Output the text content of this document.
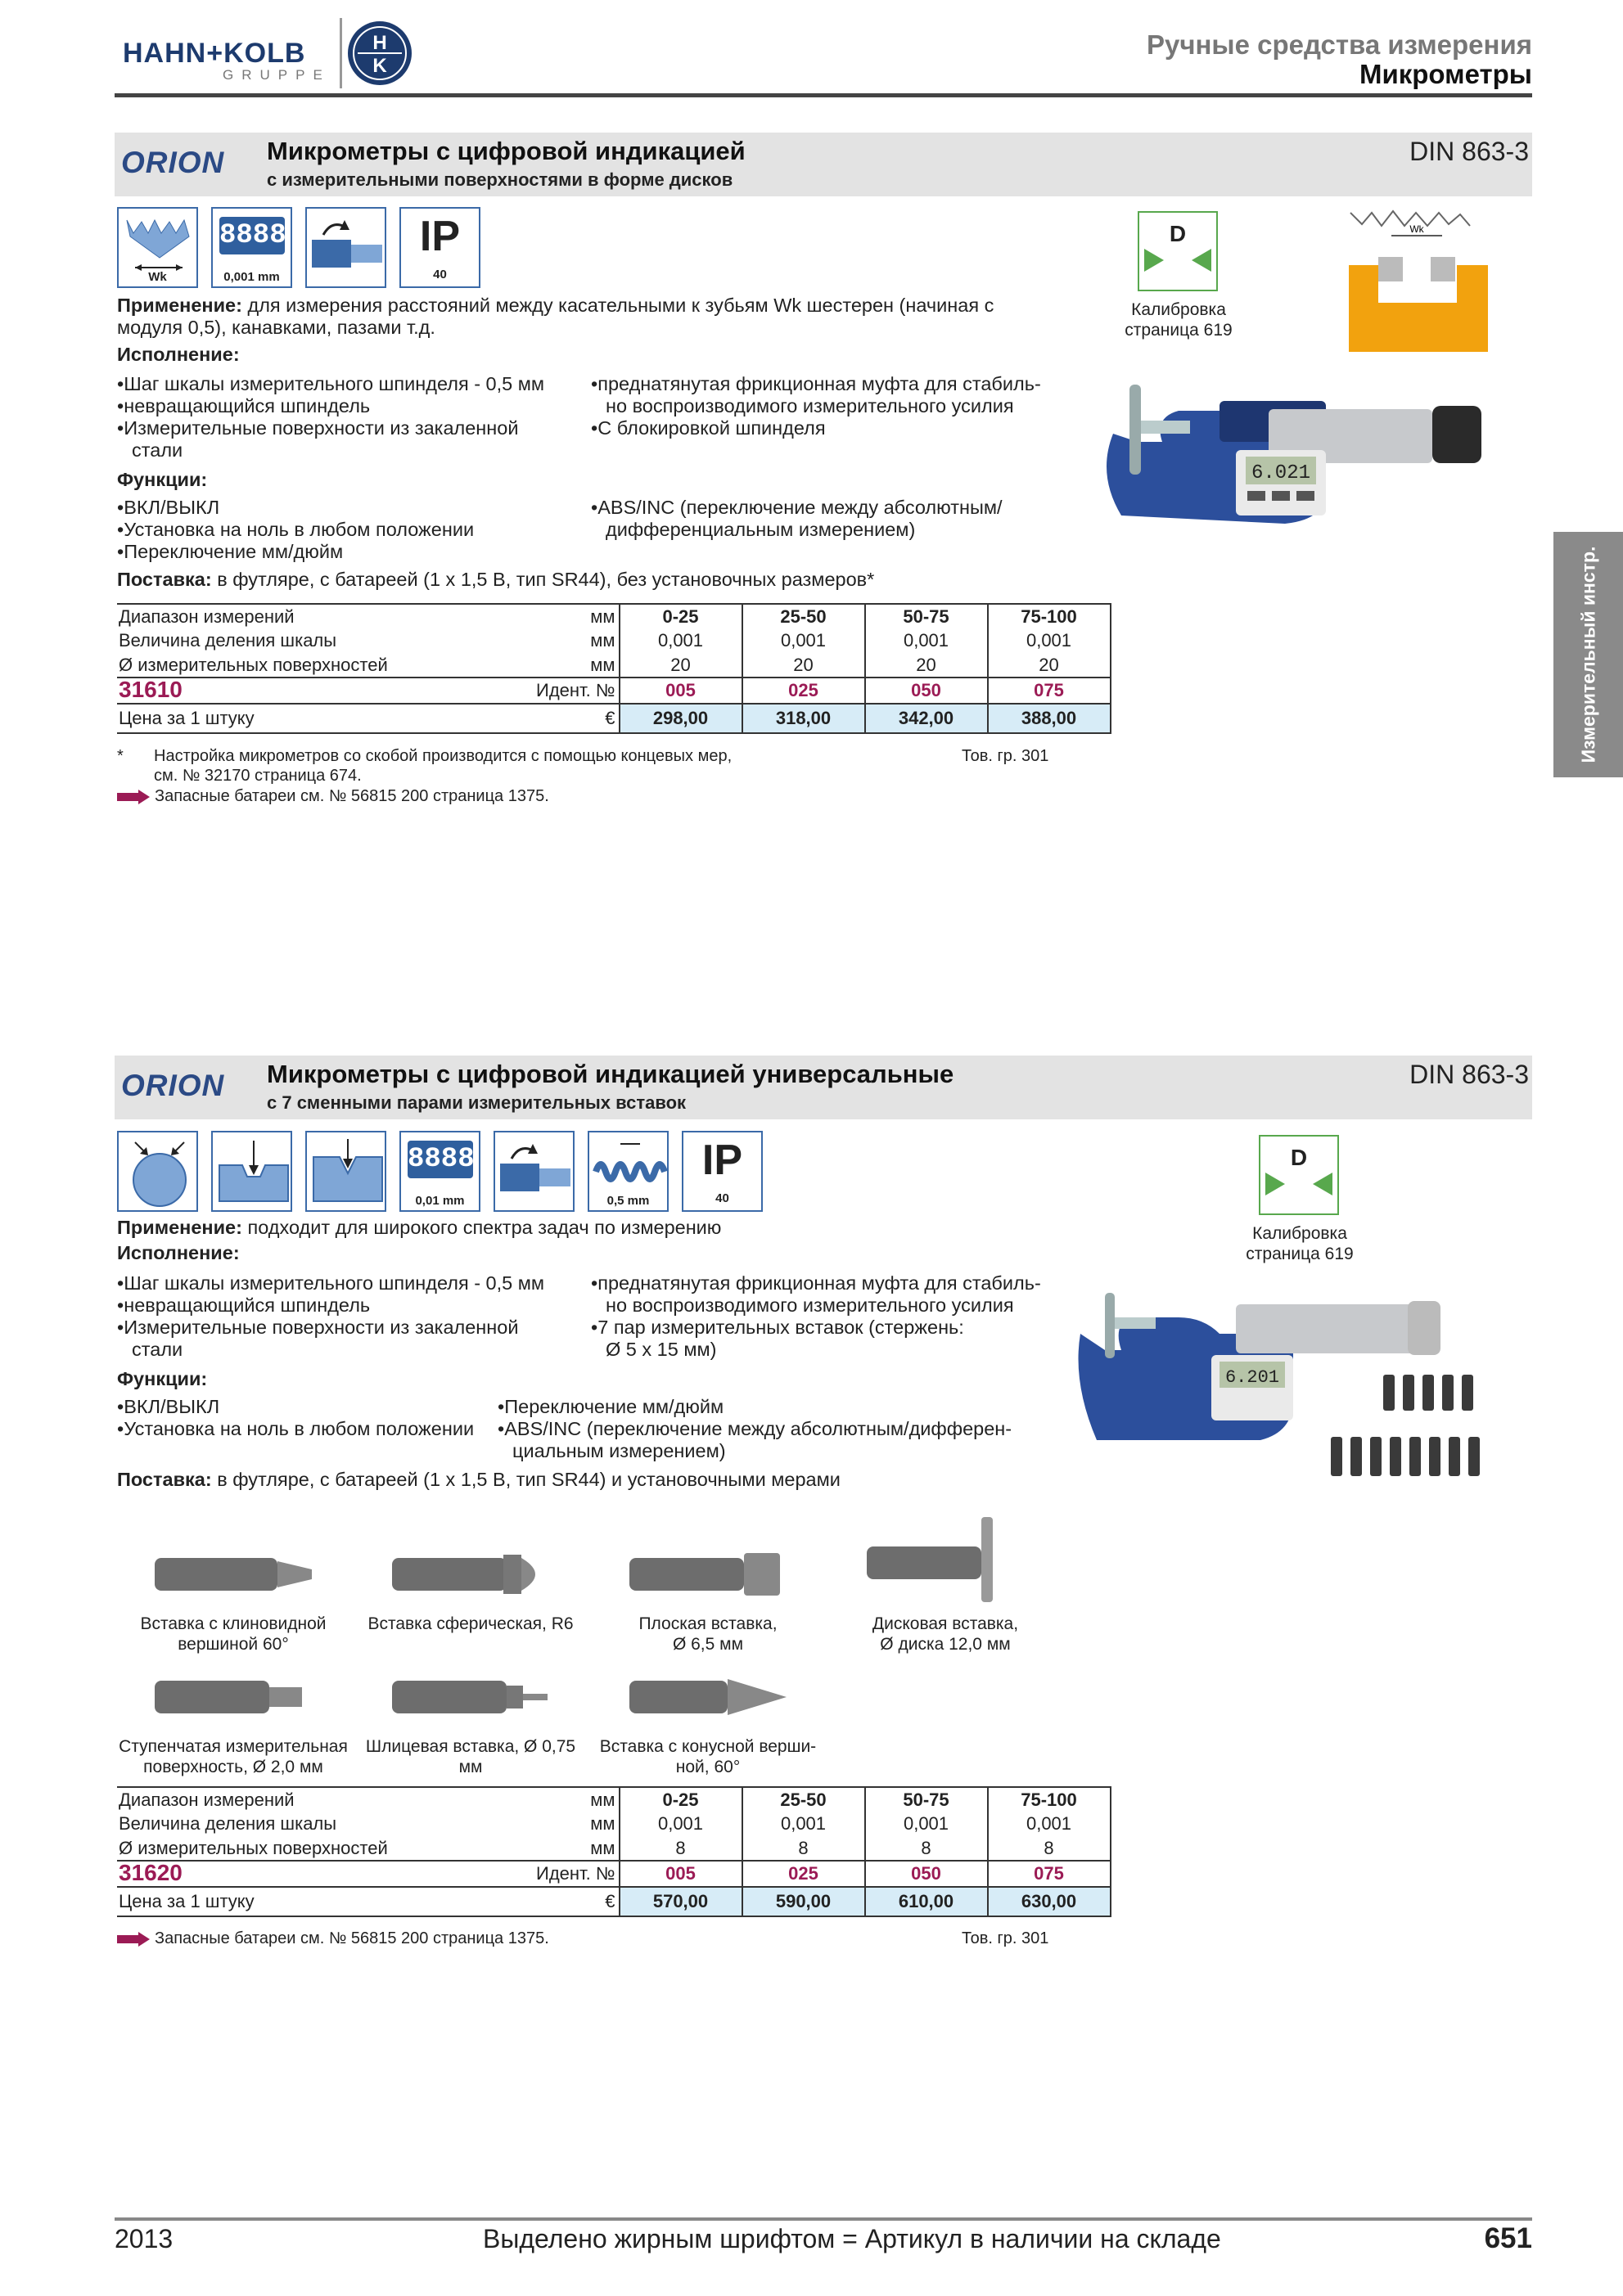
HAHN+KOLB
GRUPPE
H
K
Ручные средства измерения
Микрометры
Измерительный инстр.
ORION Микрометры с цифровой индикацией
с измерительными поверхностями в форме дисков
DIN 863-3
Wk
8888
0,001 mm
IP
40
D
Калибровка
страница 619
Wk
6.021
Применение: для измерения расстояний между касательными к зубьям Wk шестерен (начиная с
модуля 0,5), канавками, пазами т.д.
Исполнение:
•Шаг шкалы измерительного шпинделя - 0,5 мм
•невращающийся шпиндель
•Измерительные поверхности из закаленной
стали
•преднатянутая фрикционная муфта для стабиль-
но воспроизводимого измерительного усилия
•С блокировкой шпинделя
Функции:
•ВКЛ/ВЫКЛ
•Установка на ноль в любом положении
•Переключение мм/дюйм
•ABS/INC (переключение между абсолютным/
дифференциальным измерением)
Поставка: в футляре, с батареей (1 x 1,5 В, тип SR44), без установочных размеров*
Диапазон измерений	мм	0-25	25-50	50-75	75-100
Величина деления шкалы	мм	0,001	0,001	0,001	0,001
Ø измерительных поверхностей	мм	20	20	20	20
31610	Идент. №	005	025	050	075
Цена за 1 штуку	€	298,00	318,00	342,00	388,00
* Настройка микрометров со скобой производится с помощью концевых мер,
см. № 32170 страница 674.
Тов. гр. 301
Запасные батареи см. № 56815 200 страница 1375.
ORION Микрометры с цифровой индикацией универсальные
с 7 сменными парами измерительных вставок
DIN 863-3
8888
0,01 mm	0,5 mm
IP
40
D
Калибровка
страница 619
6.201
Применение: подходит для широкого спектра задач по измерению
Исполнение:
•Шаг шкалы измерительного шпинделя - 0,5 мм
•невращающийся шпиндель
•Измерительные поверхности из закаленной
стали
•преднатянутая фрикционная муфта для стабиль-
но воспроизводимого измерительного усилия
•7 пар измерительных вставок (стержень:
Ø 5 x 15 мм)
Функции:
•ВКЛ/ВЫКЛ
•Установка на ноль в любом положении
•Переключение мм/дюйм
•ABS/INC (переключение между абсолютным/дифферен-
циальным измерением)
Поставка: в футляре, с батареей (1 x 1,5 В, тип SR44) и установочными мерами
Вставка с клиновидной
вершиной 60°
Вставка сферическая, R6	Плоская вставка,
Ø 6,5 мм
Дисковая вставка,
Ø диска 12,0 мм
Ступенчатая измерительная
поверхность, Ø 2,0 мм
Шлицевая вставка, Ø 0,75
мм
Вставка с конусной верши-
ной, 60°
Диапазон измерений	мм	0-25	25-50	50-75	75-100
Величина деления шкалы	мм	0,001	0,001	0,001	0,001
Ø измерительных поверхностей	мм	8	8	8	8
31620	Идент. №	005	025	050	075
Цена за 1 штуку	€	570,00	590,00	610,00	630,00
Запасные батареи см. № 56815 200 страница 1375.	Тов. гр. 301
2013	Выделено жирным шрифтом = Артикул в наличии на складе	651
